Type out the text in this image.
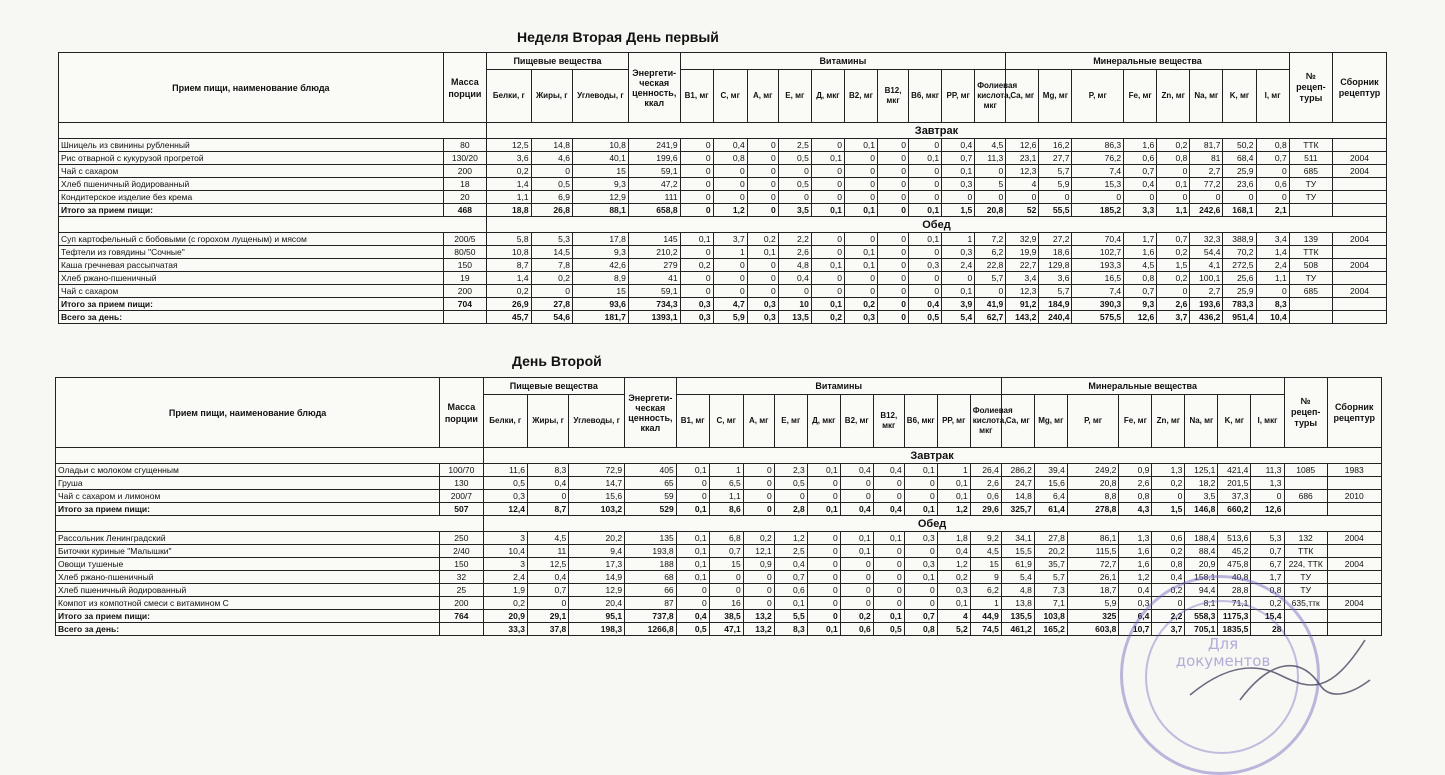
Неделя Вторая День первый
Прием пищи, наименование блюда	Масса порции	Пищевые вещества			Энергети-ческая ценность, ккал	Витамины										Минеральные вещества								№ рецеп-туры	Сборник рецептур
		Белки, г	Жиры, г	Углеводы, г		B1, мг	C, мг	A, мг	E, мг	Д, мкг	B2, мг	B12, мкг	B6, мкг	PP, мг	Фолиевая кислота, мкг	Ca, мг	Mg, мг	P, мг	Fe, мг	Zn, мг	Na, мг	K, мг	I, мг		
		Завтрак																							
Шницель из свинины рубленный	80	12,5	14,8	10,8	241,9	0	0,4	0	2,5	0	0,1	0	0	0,4	4,5	12,6	16,2	86,3	1,6	0,2	81,7	50,2	0,8	ТТК	
Рис отварной с кукурузой прогретой	130/20	3,6	4,6	40,1	199,6	0	0,8	0	0,5	0,1	0	0	0,1	0,7	11,3	23,1	27,7	76,2	0,6	0,8	81	68,4	0,7	511	2004
Чай с сахаром	200	0,2	0	15	59,1	0	0	0	0	0	0	0	0	0,1	0	12,3	5,7	7,4	0,7	0	2,7	25,9	0	685	2004
Хлеб пшеничный йодированный	18	1,4	0,5	9,3	47,2	0	0	0	0,5	0	0	0	0	0,3	5	4	5,9	15,3	0,4	0,1	77,2	23,6	0,6	ТУ	
Кондитерское изделие без крема	20	1,1	6,9	12,9	111	0	0	0	0	0	0	0	0	0	0	0	0	0	0	0	0	0	0	ТУ	
Итого за прием пищи:	468	18,8	26,8	88,1	658,8	0	1,2	0	3,5	0,1	0,1	0	0,1	1,5	20,8	52	55,5	185,2	3,3	1,1	242,6	168,1	2,1		
		Обед																							
Суп картофельный с бобовыми (с горохом лущеным) и мясом	200/5	5,8	5,3	17,8	145	0,1	3,7	0,2	2,2	0	0	0	0,1	1	7,2	32,9	27,2	70,4	1,7	0,7	32,3	388,9	3,4	139	2004
Тефтели из говядины "Сочные"	80/50	10,8	14,5	9,3	210,2	0	1	0,1	2,6	0	0,1	0	0	0,3	6,2	19,9	18,6	102,7	1,6	0,2	54,4	70,2	1,4	ТТК	
Каша гречневая рассыпчатая	150	8,7	7,8	42,6	279	0,2	0	0	4,8	0,1	0,1	0	0,3	2,4	22,8	22,7	129,8	193,3	4,5	1,5	4,1	272,5	2,4	508	2004
Хлеб ржано-пшеничный	19	1,4	0,2	8,9	41	0	0	0	0,4	0	0	0	0	0	5,7	3,4	3,6	16,5	0,8	0,2	100,1	25,6	1,1	ТУ	
Чай с сахаром	200	0,2	0	15	59,1	0	0	0	0	0	0	0	0	0,1	0	12,3	5,7	7,4	0,7	0	2,7	25,9	0	685	2004
Итого за прием пищи:	704	26,9	27,8	93,6	734,3	0,3	4,7	0,3	10	0,1	0,2	0	0,4	3,9	41,9	91,2	184,9	390,3	9,3	2,6	193,6	783,3	8,3		
Всего за день:		45,7	54,6	181,7	1393,1	0,3	5,9	0,3	13,5	0,2	0,3	0	0,5	5,4	62,7	143,2	240,4	575,5	12,6	3,7	436,2	951,4	10,4		
День Второй
Прием пищи, наименование блюда	Масса порции	Пищевые вещества			Энергети-ческая ценность, ккал	Витамины										Минеральные вещества								№ рецеп-туры	Сборник рецептур
		Белки, г	Жиры, г	Углеводы, г		B1, мг	C, мг	A, мг	E, мг	Д, мкг	B2, мг	B12, мкг	B6, мкг	PP, мг	Фолиевая кислота, мкг	Ca, мг	Mg, мг	P, мг	Fe, мг	Zn, мг	Na, мг	K, мг	I, мкг		
		Завтрак																							
Оладьи с молоком сгущенным	100/70	11,6	8,3	72,9	405	0,1	1	0	2,3	0,1	0,4	0,4	0,1	1	26,4	286,2	39,4	249,2	0,9	1,3	125,1	421,4	11,3	1085	1983
Груша	130	0,5	0,4	14,7	65	0	6,5	0	0,5	0	0	0	0	0,1	2,6	24,7	15,6	20,8	2,6	0,2	18,2	201,5	1,3		
Чай с сахаром и лимоном	200/7	0,3	0	15,6	59	0	1,1	0	0	0	0	0	0	0,1	0,6	14,8	6,4	8,8	0,8	0	3,5	37,3	0	686	2010
Итого за прием пищи:	507	12,4	8,7	103,2	529	0,1	8,6	0	2,8	0,1	0,4	0,4	0,1	1,2	29,6	325,7	61,4	278,8	4,3	1,5	146,8	660,2	12,6		
		Обед																							
Рассольник Ленинградский	250	3	4,5	20,2	135	0,1	6,8	0,2	1,2	0	0,1	0,1	0,3	1,8	9,2	34,1	27,8	86,1	1,3	0,6	188,4	513,6	5,3	132	2004
Биточки куриные "Малышки"	2/40	10,4	11	9,4	193,8	0,1	0,7	12,1	2,5	0	0,1	0	0	0,4	4,5	15,5	20,2	115,5	1,6	0,2	88,4	45,2	0,7	ТТК	
Овощи тушеные	150	3	12,5	17,3	188	0,1	15	0,9	0,4	0	0	0	0,3	1,2	15	61,9	35,7	72,7	1,6	0,8	20,9	475,8	6,7	224, ТТК	2004
Хлеб ржано-пшеничный	32	2,4	0,4	14,9	68	0,1	0	0	0,7	0	0	0	0,1	0,2	9	5,4	5,7	26,1	1,2	0,4	158,1	40,8	1,7	ТУ	
Хлеб пшеничный йодированный	25	1,9	0,7	12,9	66	0	0	0	0,6	0	0	0	0	0,3	6,2	4,8	7,3	18,7	0,4	0,2	94,4	28,8	0,8	ТУ	
Компот из компотной смеси с витамином С	200	0,2	0	20,4	87	0	16	0	0,1	0	0	0	0	0,1	1	13,8	7,1	5,9	0,3	0	8,1	71,1	0,2	635,ттк	2004
Итого за прием пищи:	764	20,9	29,1	95,1	737,8	0,4	38,5	13,2	5,5	0	0,2	0,1	0,7	4	44,9	135,5	103,8	325	6,4	2,2	558,3	1175,3	15,4		
Всего за день:		33,3	37,8	198,3	1266,8	0,5	47,1	13,2	8,3	0,1	0,6	0,5	0,8	5,2	74,5	461,2	165,2	603,8	10,7	3,7	705,1	1835,5	28		
Для документов
